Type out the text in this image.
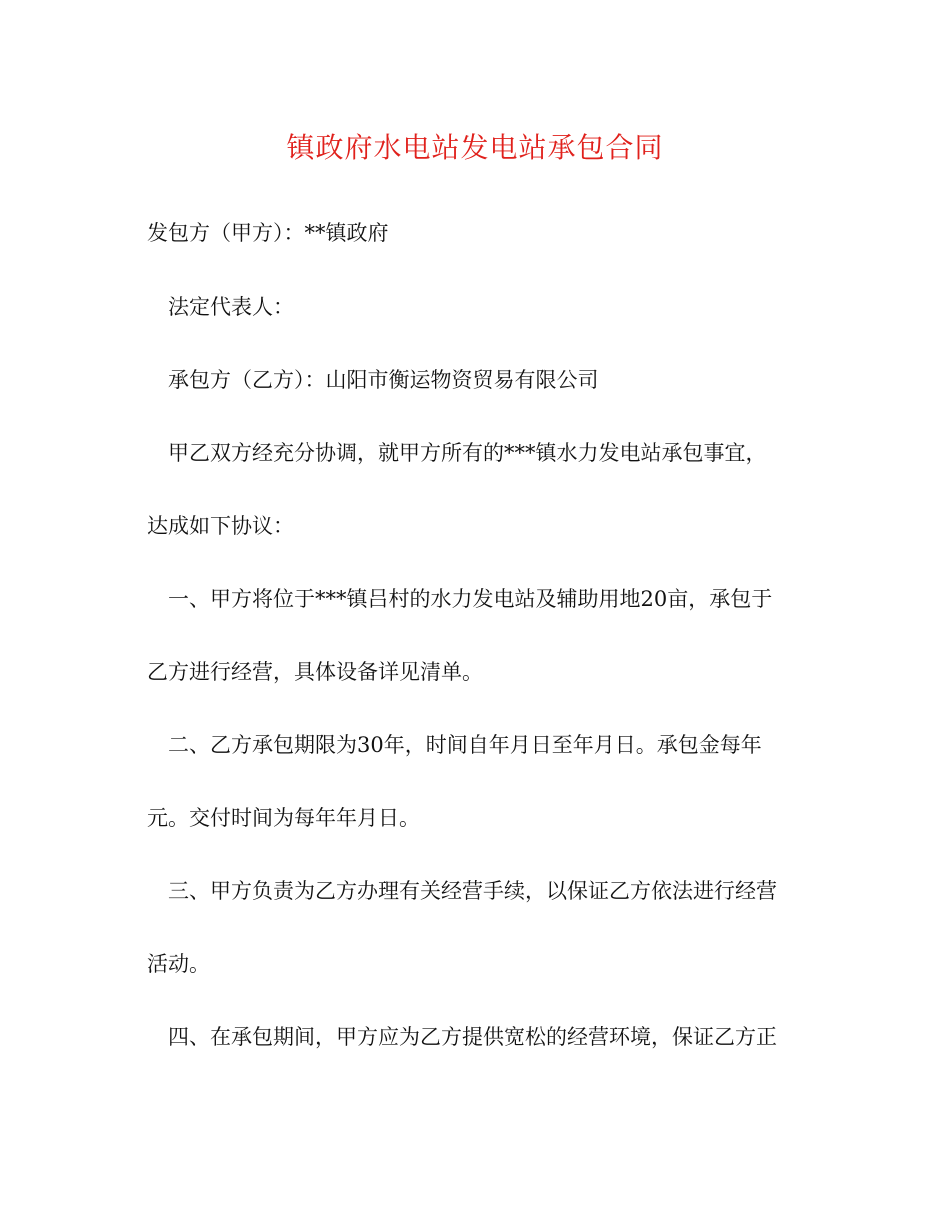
镇政府水电站发电站承包合同
发包方（甲方）：**镇政府
法定代表人：
承包方（乙方）：山阳市衡运物资贸易有限公司
甲乙双方经充分协调，就甲方所有的***镇水力发电站承包事宜，
达成如下协议：
一、甲方将位于***镇吕村的水力发电站及辅助用地20亩，承包于
乙方进行经营，具体设备详见清单。
二、乙方承包期限为30年，时间自年月日至年月日。承包金每年
元。交付时间为每年年月日。
三、甲方负责为乙方办理有关经营手续，以保证乙方依法进行经营
活动。
四、在承包期间，甲方应为乙方提供宽松的经营环境，保证乙方正
